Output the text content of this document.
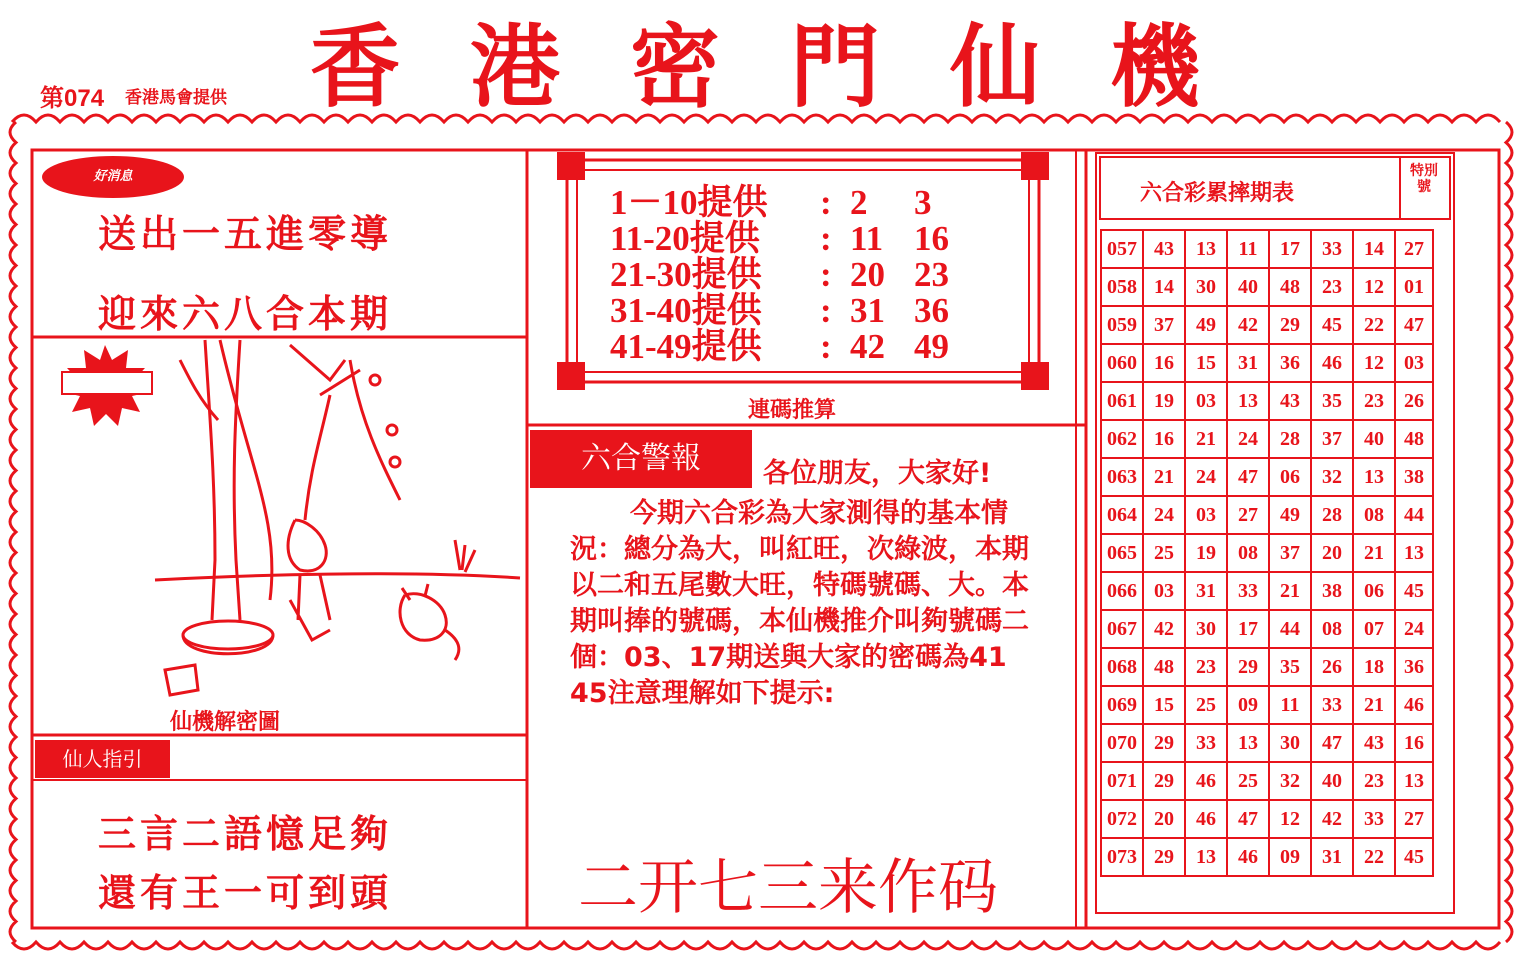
第074 香港馬會提供 香港密門仙機
好消息
送出一五進零導
迎來六八合本期
仙機解密圖
仙人指引
三言二語憶足夠
還有王一可到頭
1－10提供 : 2 3
11-20提供 : 11 16
21-30提供 : 20 23
31-40提供 : 31 36
41-49提供 : 42 49
連碼推算
六合警報	各位朋友，大家好!
今期六合彩為大家測得的基本情況：總分為大，叫紅旺，次綠波，本期以二和五尾數大旺，特碼號碼、大。本期叫捧的號碼，本仙機推介叫夠號碼二個：03、17期送與大家的密碼為41 45注意理解如下提示:
二开七三来作码
六合彩累摔期表
特別號
057	43	13	11	17	33	14	27
058	14	30	40	48	23	12	01
059	37	49	42	29	45	22	47
060	16	15	31	36	46	12	03
061	19	03	13	43	35	23	26
062	16	21	24	28	37	40	48
063	21	24	47	06	32	13	38
064	24	03	27	49	28	08	44
065	25	19	08	37	20	21	13
066	03	31	33	21	38	06	45
067	42	30	17	44	08	07	24
068	48	23	29	35	26	18	36
069	15	25	09	11	33	21	46
070	29	33	13	30	47	43	16
071	29	46	25	32	40	23	13
072	20	46	47	12	42	33	27
073	29	13	46	09	31	22	45
